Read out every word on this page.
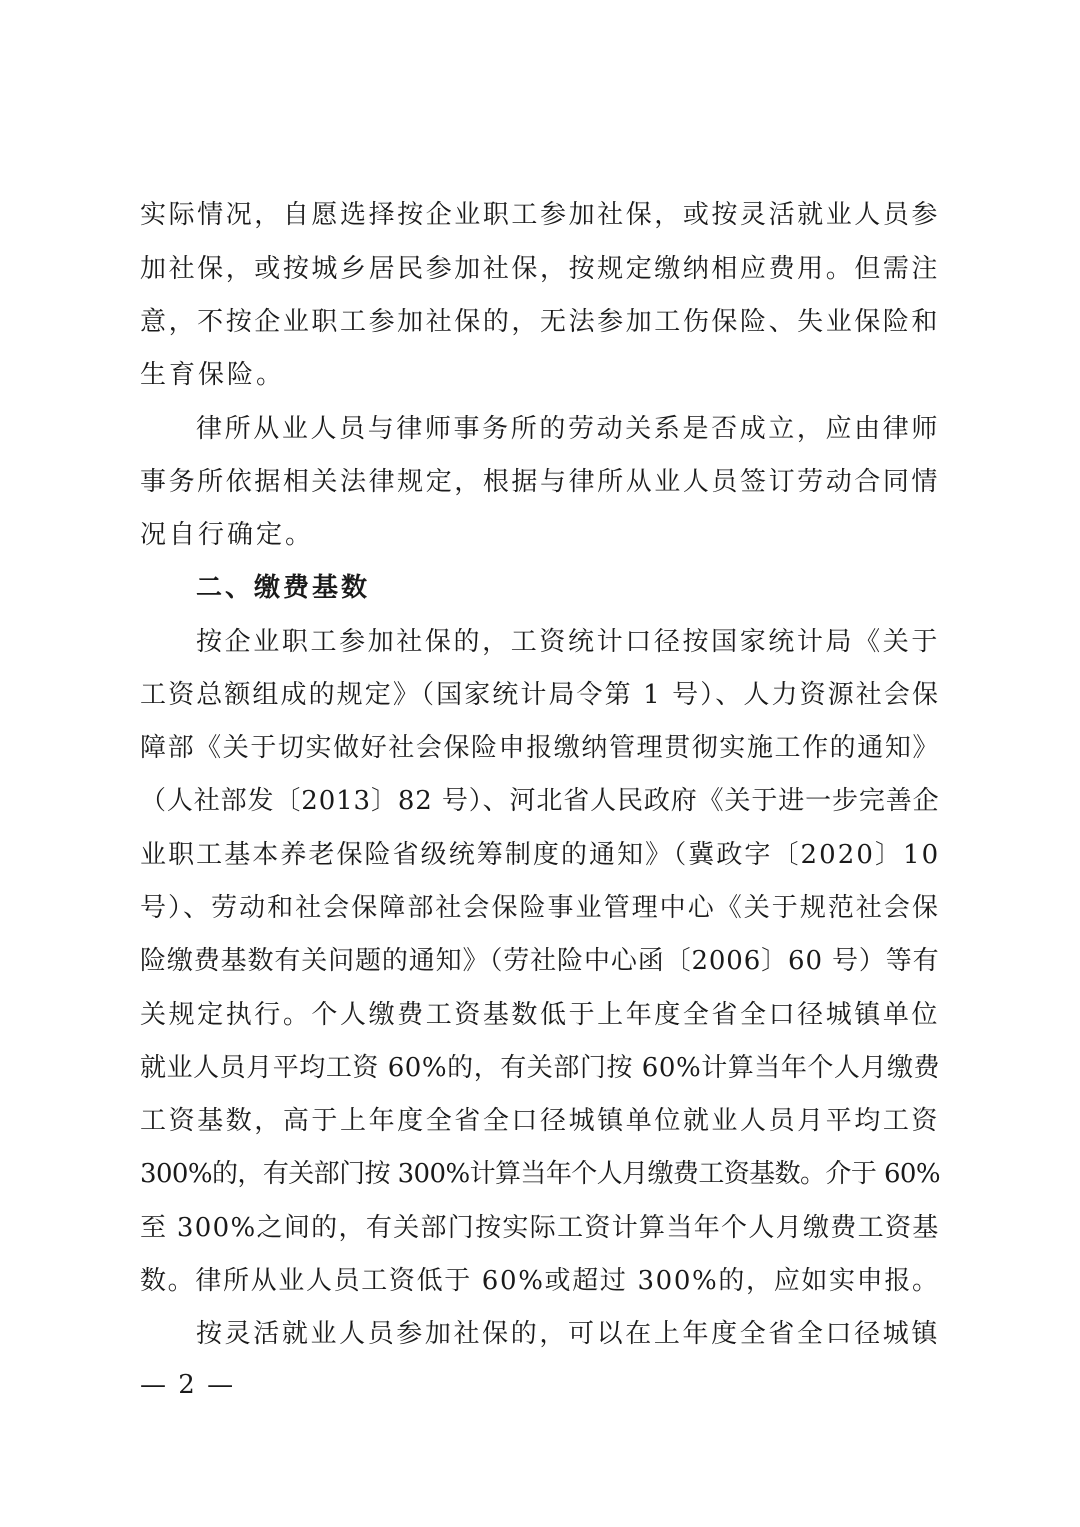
实际情况，自愿选择按企业职工参加社保，或按灵活就业人员参
加社保，或按城乡居民参加社保，按规定缴纳相应费用。但需注
意，不按企业职工参加社保的，无法参加工伤保险、失业保险和
生育保险。
律所从业人员与律师事务所的劳动关系是否成立，应由律师
事务所依据相关法律规定，根据与律所从业人员签订劳动合同情
况自行确定。
二、缴费基数
按企业职工参加社保的，工资统计口径按国家统计局《关于
工资总额组成的规定》（国家统计局令第 1 号）、人力资源社会保
障部《关于切实做好社会保险申报缴纳管理贯彻实施工作的通知》
（人社部发〔2013〕82 号）、河北省人民政府《关于进一步完善企
业职工基本养老保险省级统筹制度的通知》（冀政字〔2020〕10
号）、劳动和社会保障部社会保险事业管理中心《关于规范社会保
险缴费基数有关问题的通知》（劳社险中心函〔2006〕60 号）等有
关规定执行。个人缴费工资基数低于上年度全省全口径城镇单位
就业人员月平均工资 60%的，有关部门按 60%计算当年个人月缴费
工资基数，高于上年度全省全口径城镇单位就业人员月平均工资
300%的，有关部门按 300%计算当年个人月缴费工资基数。介于 60%
至 300%之间的，有关部门按实际工资计算当年个人月缴费工资基
数。律所从业人员工资低于 60%或超过 300%的，应如实申报。
按灵活就业人员参加社保的，可以在上年度全省全口径城镇
— 2 —
